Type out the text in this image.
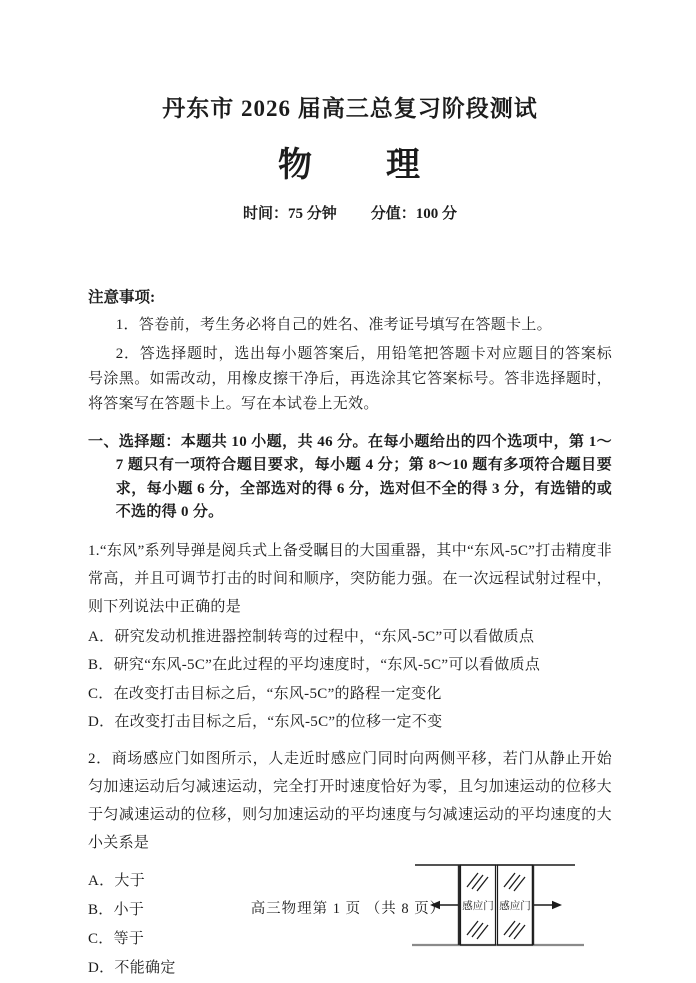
丹东市 2026 届高三总复习阶段测试
物　　理

时间：75 分钟 分值：100 分

注意事项:

1．答卷前，考生务必将自己的姓名、准考证号填写在答题卡上。

2．答选择题时，选出每小题答案后，用铅笔把答题卡对应题目的答案标号涂黑。如需改动，用橡皮擦干净后，再选涂其它答案标号。答非选择题时，将答案写在答题卡上。写在本试卷上无效。

一、选择题：本题共 10 小题，共 46 分。在每小题给出的四个选项中，第 1～7 题只有一项符合题目要求，每小题 4 分；第 8～10 题有多项符合题目要求，每小题 6 分，全部选对的得 6 分，选对但不全的得 3 分，有选错的或不选的得 0 分。

1.“东风”系列导弹是阅兵式上备受瞩目的大国重器，其中“东风-5C”打击精度非常高，并且可调节打击的时间和顺序，突防能力强。在一次远程试射过程中，则下列说法中正确的是

A．研究发动机推进器控制转弯的过程中，“东风-5C”可以看做质点
B．研究“东风-5C”在此过程的平均速度时，“东风-5C”可以看做质点
C．在改变打击目标之后，“东风-5C”的路程一定变化
D．在改变打击目标之后，“东风-5C”的位移一定不变

2．商场感应门如图所示，人走近时感应门同时向两侧平移，若门从静止开始匀加速运动后匀减速运动，完全打开时速度恰好为零，且匀加速运动的位移大于匀减速运动的位移，则匀加速运动的平均速度与匀减速运动的平均速度的大小关系是

A．大于
B．小于
C．等于
D．不能确定
感应门 感应门
高三物理第 1 页 （共 8 页）
